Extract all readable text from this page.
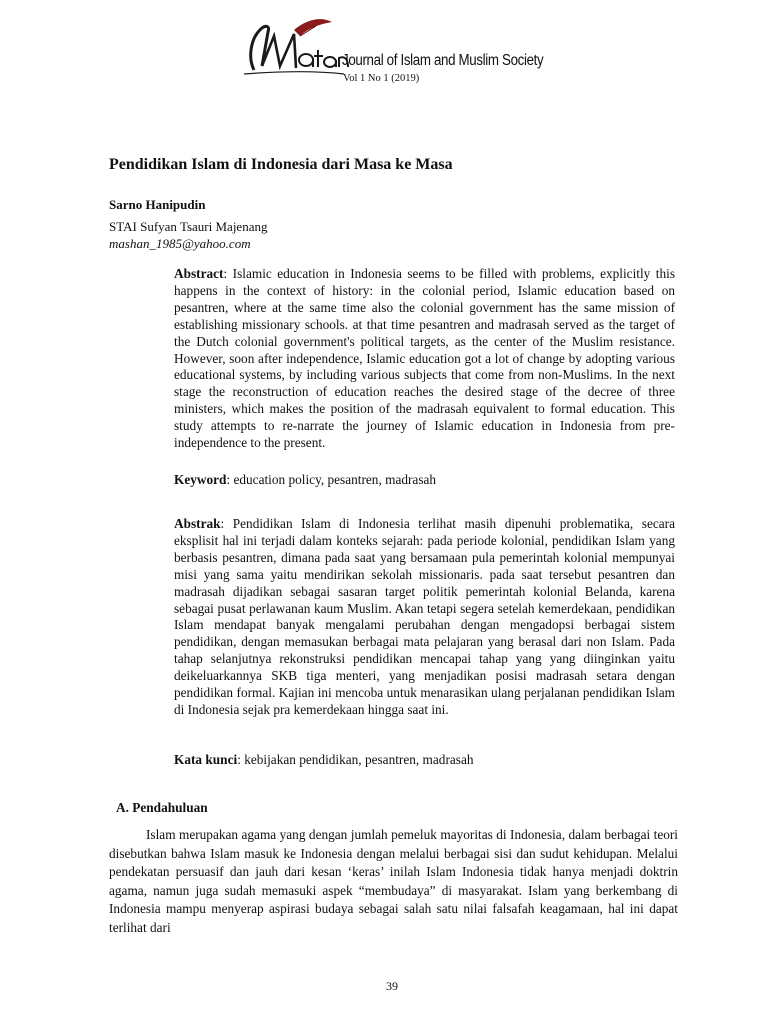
Journal of Islam and Muslim Society
Vol 1 No 1 (2019)
Pendidikan Islam di Indonesia dari Masa ke Masa
Sarno Hanipudin
STAI Sufyan Tsauri Majenang
mashan_1985@yahoo.com

Abstract: Islamic education in Indonesia seems to be filled with problems, explicitly this happens in the context of history: in the colonial period, Islamic education based on pesantren, where at the same time also the colonial government has the same mission of establishing missionary schools. at that time pesantren and madrasah served as the target of the Dutch colonial government's political targets, as the center of the Muslim resistance. However, soon after independence, Islamic education got a lot of change by adopting various educational systems, by including various subjects that come from non-Muslims. In the next stage the reconstruction of education reaches the desired stage of the decree of three ministers, which makes the position of the madrasah equivalent to formal education. This study attempts to re-narrate the journey of Islamic education in Indonesia from pre-independence to the present.

Keyword: education policy, pesantren, madrasah

Abstrak: Pendidikan Islam di Indonesia terlihat masih dipenuhi problematika, secara eksplisit hal ini terjadi dalam konteks sejarah: pada periode kolonial, pendidikan Islam yang berbasis pesantren, dimana pada saat yang bersamaan pula pemerintah kolonial mempunyai misi yang sama yaitu mendirikan sekolah missionaris. pada saat tersebut pesantren dan madrasah dijadikan sebagai sasaran target politik pemerintah kolonial Belanda, karena sebagai pusat perlawanan kaum Muslim. Akan tetapi segera setelah kemerdekaan, pendidikan Islam mendapat banyak mengalami perubahan dengan mengadopsi berbagai sistem pendidikan, dengan memasukan berbagai mata pelajaran yang berasal dari non Islam. Pada tahap selanjutnya rekonstruksi pendidikan mencapai tahap yang yang diinginkan yaitu deikeluarkannya SKB tiga menteri, yang menjadikan posisi madrasah setara dengan pendidikan formal. Kajian ini mencoba untuk menarasikan ulang perjalanan pendidikan Islam di Indonesia sejak pra kemerdekaan hingga saat ini.

Kata kunci: kebijakan pendidikan, pesantren, madrasah

A. Pendahuluan

Islam merupakan agama yang dengan jumlah pemeluk mayoritas di Indonesia, dalam berbagai teori disebutkan bahwa Islam masuk ke Indonesia dengan melalui berbagai sisi dan sudut kehidupan. Melalui pendekatan persuasif dan jauh dari kesan ‘keras’ inilah Islam Indonesia tidak hanya menjadi doktrin agama, namun juga sudah memasuki aspek “membudaya” di masyarakat. Islam yang berkembang di Indonesia mampu menyerap aspirasi budaya sebagai salah satu nilai falsafah keagamaan, hal ini dapat terlihat dari

39
